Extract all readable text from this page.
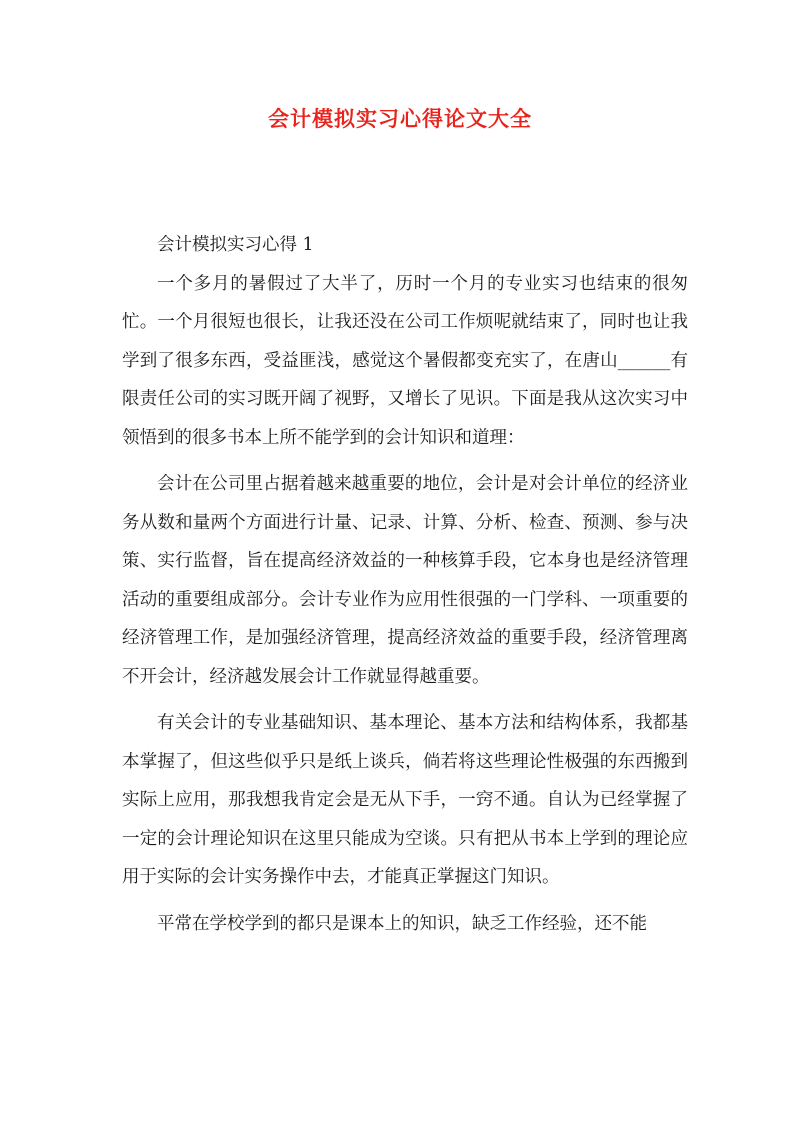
会计模拟实习心得论文大全

会计模拟实习心得 1

一个多月的暑假过了大半了，历时一个月的专业实习也结束的很匆忙。一个月很短也很长，让我还没在公司工作烦呢就结束了，同时也让我学到了很多东西，受益匪浅，感觉这个暑假都变充实了，在唐山______有限责任公司的实习既开阔了视野，又增长了见识。下面是我从这次实习中领悟到的很多书本上所不能学到的会计知识和道理：

会计在公司里占据着越来越重要的地位，会计是对会计单位的经济业务从数和量两个方面进行计量、记录、计算、分析、检查、预测、参与决策、实行监督，旨在提高经济效益的一种核算手段，它本身也是经济管理活动的重要组成部分。会计专业作为应用性很强的一门学科、一项重要的经济管理工作，是加强经济管理，提高经济效益的重要手段，经济管理离不开会计，经济越发展会计工作就显得越重要。

有关会计的专业基础知识、基本理论、基本方法和结构体系，我都基本掌握了，但这些似乎只是纸上谈兵，倘若将这些理论性极强的东西搬到实际上应用，那我想我肯定会是无从下手，一窍不通。自认为已经掌握了一定的会计理论知识在这里只能成为空谈。只有把从书本上学到的理论应用于实际的会计实务操作中去，才能真正掌握这门知识。

平常在学校学到的都只是课本上的知识，缺乏工作经验，还不能
